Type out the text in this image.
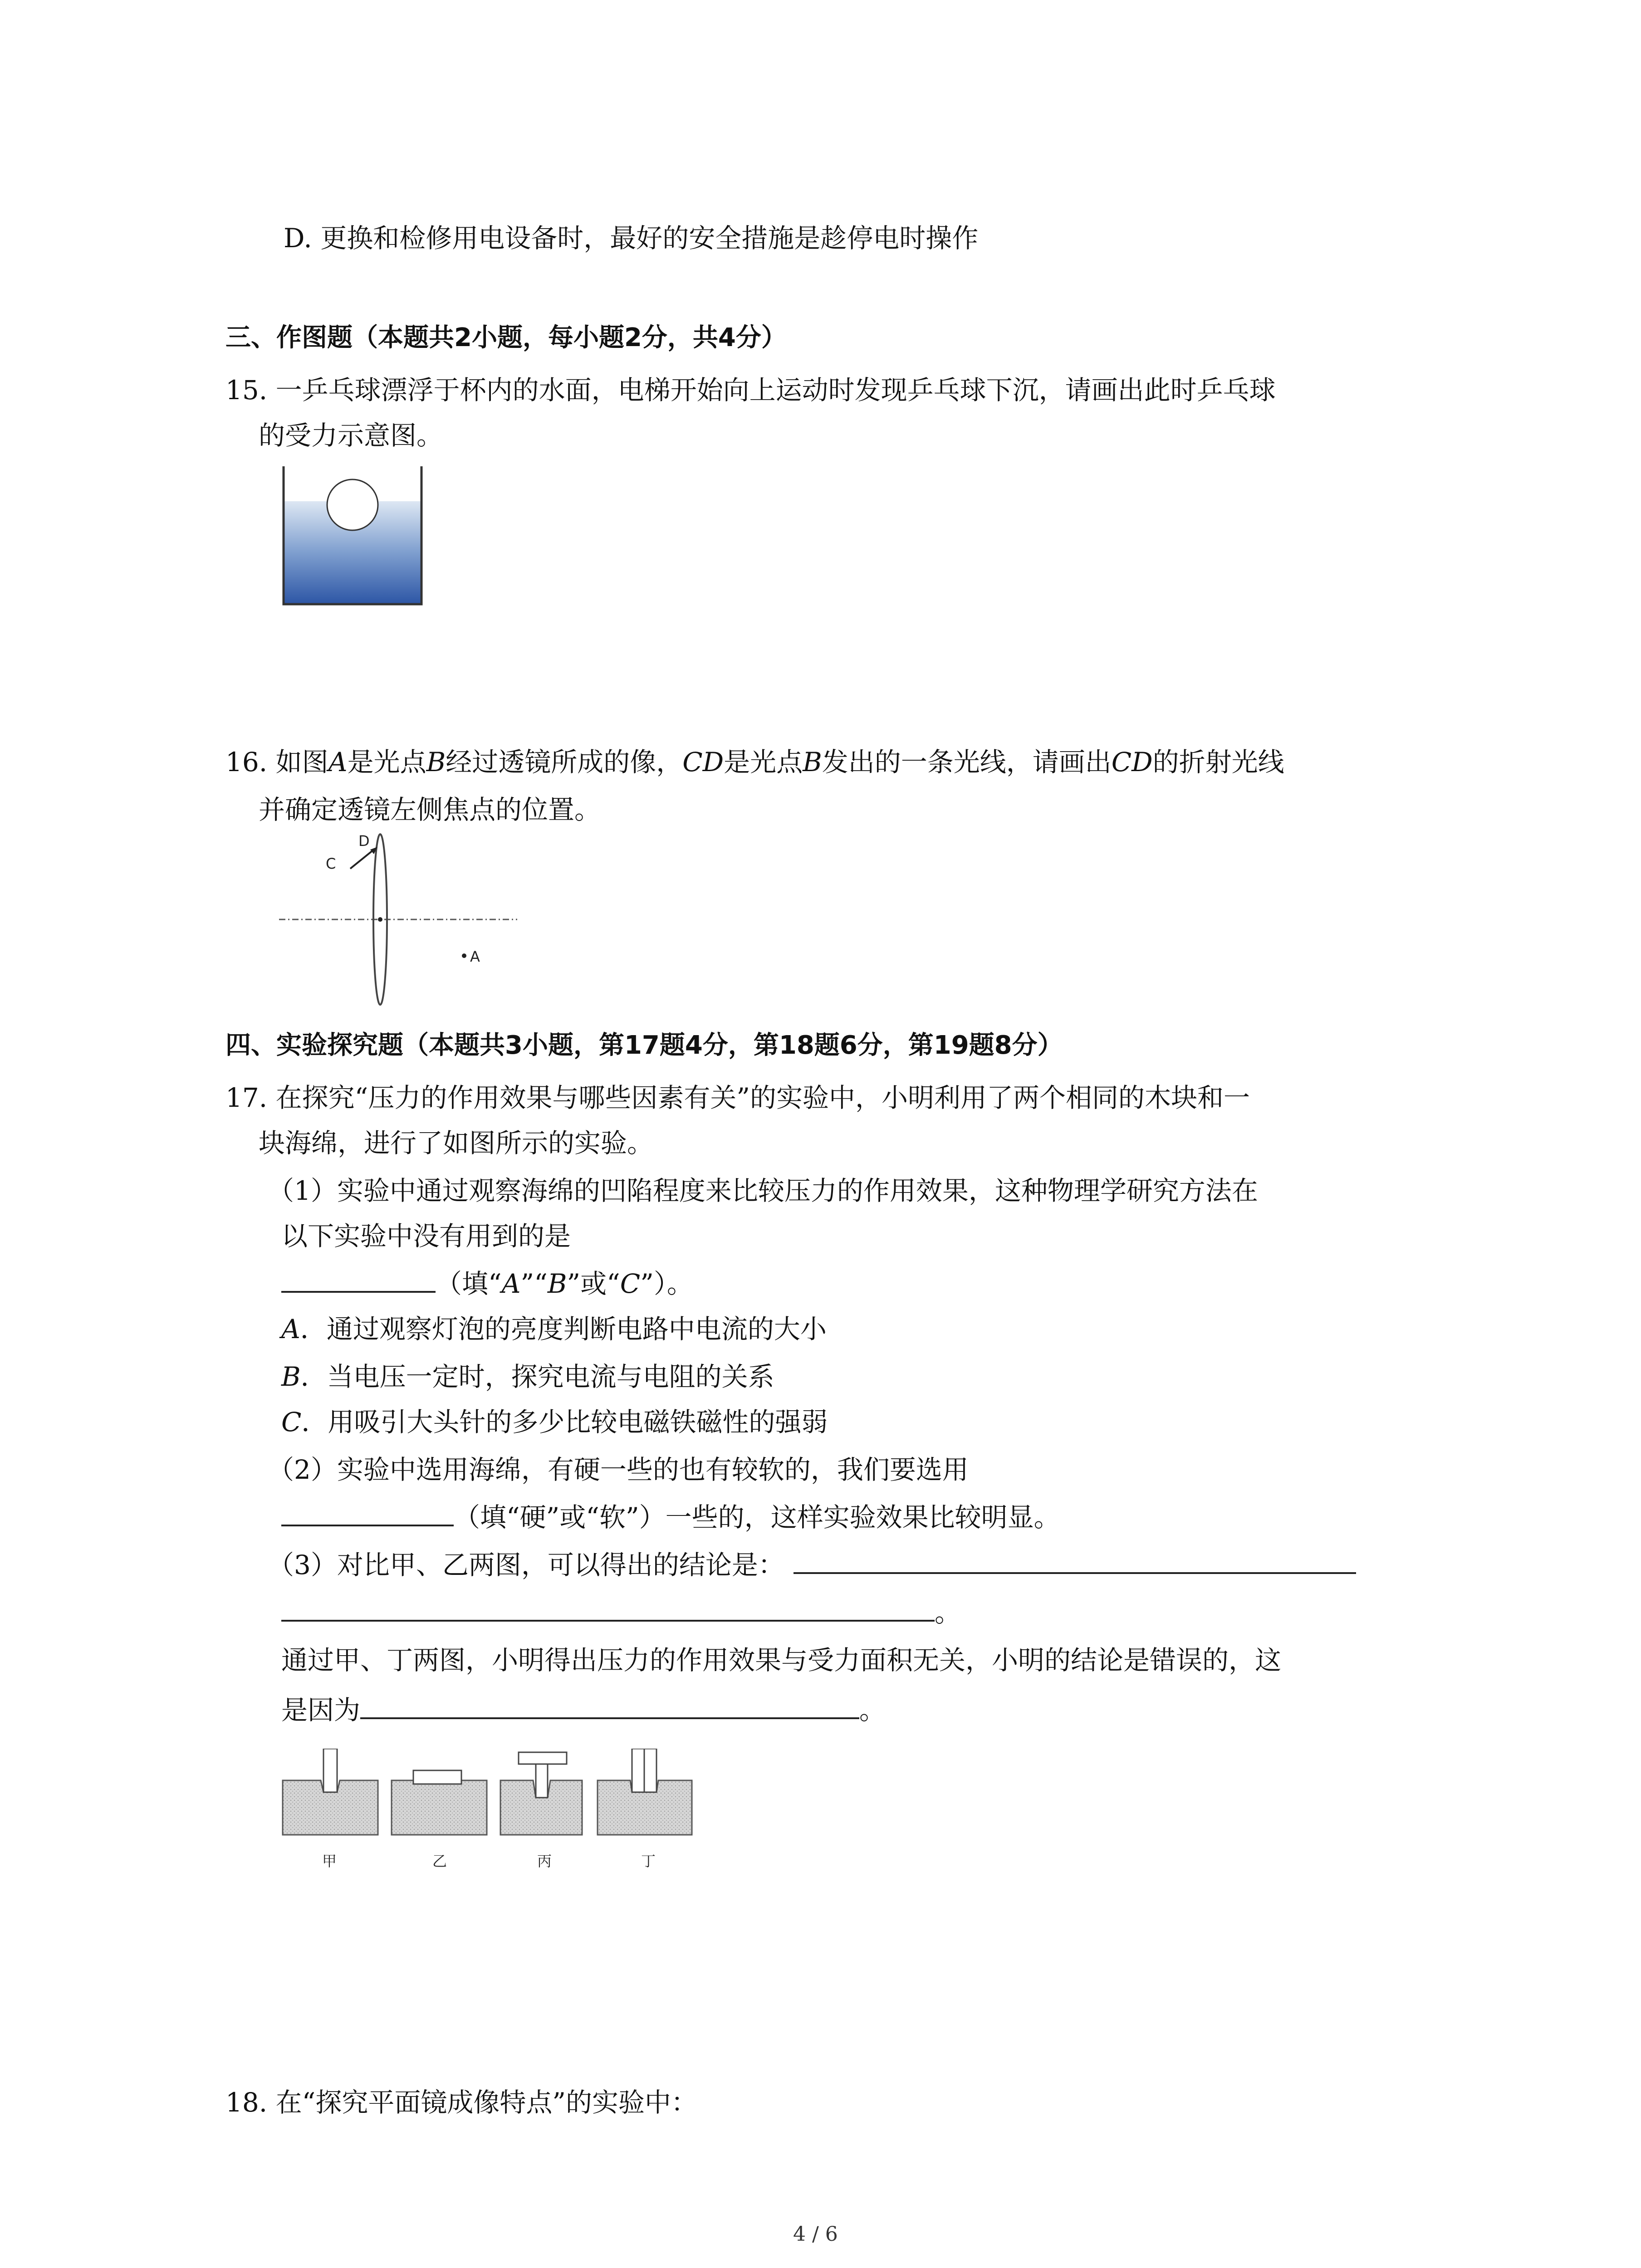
D. 更换和检修用电设备时，最好的安全措施是趁停电时操作
三、作图题（本题共2小题，每小题2分，共4分）
15. 一乒乓球漂浮于杯内的水面，电梯开始向上运动时发现乒乓球下沉，请画出此时乒乓球
的受力示意图。
16. 如图A是光点B经过透镜所成的像，CD是光点B发出的一条光线，请画出CD的折射光线
并确定透镜左侧焦点的位置。
D
C
A
四、实验探究题（本题共3小题，第17题4分，第18题6分，第19题8分）
17. 在探究“压力的作用效果与哪些因素有关”的实验中，小明利用了两个相同的木块和一
块海绵，进行了如图所示的实验。
（1）实验中通过观察海绵的凹陷程度来比较压力的作用效果，这种物理学研究方法在
以下实验中没有用到的是
（填“A”“B”或“C”）。
A．通过观察灯泡的亮度判断电路中电流的大小
B．当电压一定时，探究电流与电阻的关系
C．用吸引大头针的多少比较电磁铁磁性的强弱
（2）实验中选用海绵，有硬一些的也有较软的，我们要选用
（填“硬”或“软”）一些的，这样实验效果比较明显。
（3）对比甲、乙两图，可以得出的结论是：
。
通过甲、丁两图，小明得出压力的作用效果与受力面积无关，小明的结论是错误的，这
是因为	。
甲	乙	丙	丁
18. 在“探究平面镜成像特点”的实验中：
4 / 6
